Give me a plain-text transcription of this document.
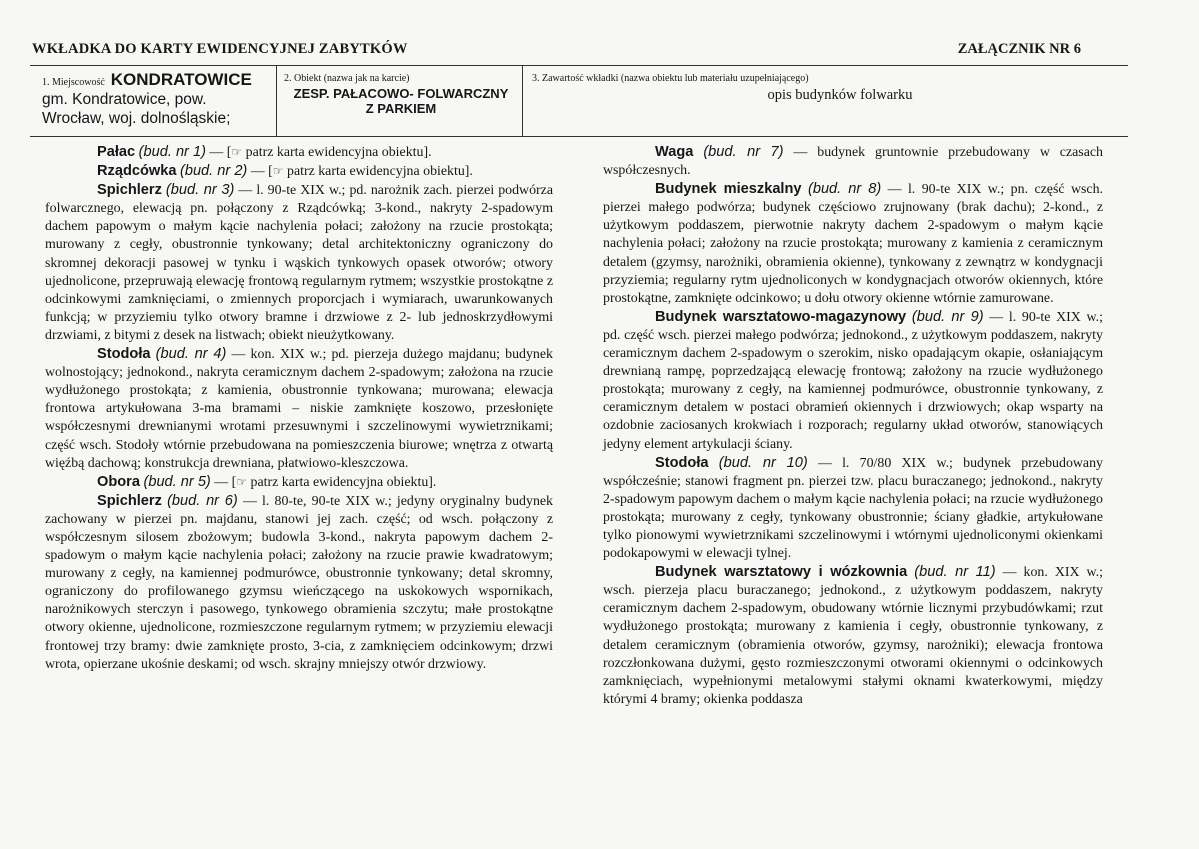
WKŁADKA DO KARTY EWIDENCYJNEJ ZABYTKÓW	ZAŁĄCZNIK NR 6
1. Miejscowość KONDRATOWICE
gm. Kondratowice, pow.
Wrocław, woj. dolnośląskie;
2. Obiekt (nazwa jak na karcie)
ZESP. PAŁACOWO- FOLWARCZNY
Z PARKIEM
3. Zawartość wkładki (nazwa obiektu lub materiału uzupełniającego)
opis budynków folwarku

Pałac (bud. nr 1) — [☞ patrz karta ewidencyjna obiektu].

Rządcówka (bud. nr 2) — [☞ patrz karta ewidencyjna obiektu].

Spichlerz (bud. nr 3) — l. 90-te XIX w.; pd. narożnik zach. pierzei podwórza folwarcznego, elewacją pn. połączony z Rządcówką; 3-kond., nakryty 2-spadowym dachem papowym o małym kącie nachylenia połaci; założony na rzucie prostokąta; murowany z cegły, obustronnie tynkowany; detal architektoniczny ograniczony do skromnej dekoracji pasowej w tynku i wąskich tynkowych opasek otworów; otwory ujednolicone, przepruwają elewację frontową regularnym rytmem; wszystkie prostokątne z odcinkowymi zamknięciami, o zmiennych proporcjach i wymiarach, uwarunkowanych funkcją; w przyziemiu tylko otwory bramne i drzwiowe z 2- lub jednoskrzydłowymi drzwiami, z bitymi z desek na listwach; obiekt nieużytkowany.

Stodoła (bud. nr 4) — kon. XIX w.; pd. pierzeja dużego majdanu; budynek wolnostojący; jednokond., nakryta ceramicznym dachem 2-spadowym; założona na rzucie wydłużonego prostokąta; z kamienia, obustronnie tynkowana; murowana; elewacja frontowa artykułowana 3-ma bramami – niskie zamknięte koszowo, przesłonięte współczesnymi drewnianymi wrotami przesuwnymi i szczelinowymi wywietrznikami; część wsch. Stodoły wtórnie przebudowana na pomieszczenia biurowe; wnętrza z otwartą więźbą dachową; konstrukcja drewniana, płatwiowo-kleszczowa.

Obora (bud. nr 5) — [☞ patrz karta ewidencyjna obiektu].

Spichlerz (bud. nr 6) — l. 80-te, 90-te XIX w.; jedyny oryginalny budynek zachowany w pierzei pn. majdanu, stanowi jej zach. część; od wsch. połączony z współczesnym silosem zbożowym; budowla 3-kond., nakryta papowym dachem 2-spadowym o małym kącie nachylenia połaci; założony na rzucie prawie kwadratowym; murowany z cegły, na kamiennej podmurówce, obustronnie tynkowany; detal skromny, ograniczony do profilowanego gzymsu wieńczącego na uskokowych wspornikach, narożnikowych sterczyn i pasowego, tynkowego obramienia szczytu; małe prostokątne otwory okienne, ujednolicone, rozmieszczone regularnym rytmem; w przyziemiu elewacji frontowej trzy bramy: dwie zamknięte prosto, 3-cia, z zamknięciem odcinkowym; drzwi wrota, opierzane ukośnie deskami; od wsch. skrajny mniejszy otwór drzwiowy.

Waga (bud. nr 7) — budynek gruntownie przebudowany w czasach współczesnych.

Budynek mieszkalny (bud. nr 8) — l. 90-te XIX w.; pn. część wsch. pierzei małego podwórza; budynek częściowo zrujnowany (brak dachu); 2-kond., z użytkowym poddaszem, pierwotnie nakryty dachem 2-spadowym o małym kącie nachylenia połaci; założony na rzucie prostokąta; murowany z kamienia z ceramicznym detalem (gzymsy, narożniki, obramienia okienne), tynkowany z zewnątrz w kondygnacji przyziemia; regularny rytm ujednoliconych w kondygnacjach otworów okiennych, które prostokątne, zamknięte odcinkowo; u dołu otwory okienne wtórnie zamurowane.

Budynek warsztatowo-magazynowy (bud. nr 9) — l. 90-te XIX w.; pd. część wsch. pierzei małego podwórza; jednokond., z użytkowym poddaszem, nakryty ceramicznym dachem 2-spadowym o szerokim, nisko opadającym okapie, osłaniającym drewnianą rampę, poprzedzającą elewację frontową; założony na rzucie wydłużonego prostokąta; murowany z cegły, na kamiennej podmurówce, obustronnie tynkowany, z ceramicznym detalem w postaci obramień okiennych i drzwiowych; okap wsparty na ozdobnie zaciosanych krokwiach i rozporach; regularny układ otworów, stanowiących jedyny element artykulacji ściany.

Stodoła (bud. nr 10) — l. 70/80 XIX w.; budynek przebudowany współcześnie; stanowi fragment pn. pierzei tzw. placu buraczanego; jednokond., nakryty 2-spadowym papowym dachem o małym kącie nachylenia połaci; na rzucie wydłużonego prostokąta; murowany z cegły, tynkowany obustronnie; ściany gładkie, artykułowane tylko pionowymi wywietrznikami szczelinowymi i wtórnymi ujednoliconymi okienkami podokapowymi w elewacji tylnej.

Budynek warsztatowy i wózkownia (bud. nr 11) — kon. XIX w.; wsch. pierzeja placu buraczanego; jednokond., z użytkowym poddaszem, nakryty ceramicznym dachem 2-spadowym, obudowany wtórnie licznymi przybudówkami; rzut wydłużonego prostokąta; murowany z kamienia i cegły, obustronnie tynkowany, z detalem ceramicznym (obramienia otworów, gzymsy, narożniki); elewacja frontowa rozczłonkowana dużymi, gęsto rozmieszczonymi otworami okiennymi o odcinkowych zamknięciach, wypełnionymi metalowymi stałymi oknami kwaterkowymi, między którymi 4 bramy; okienka poddasza
